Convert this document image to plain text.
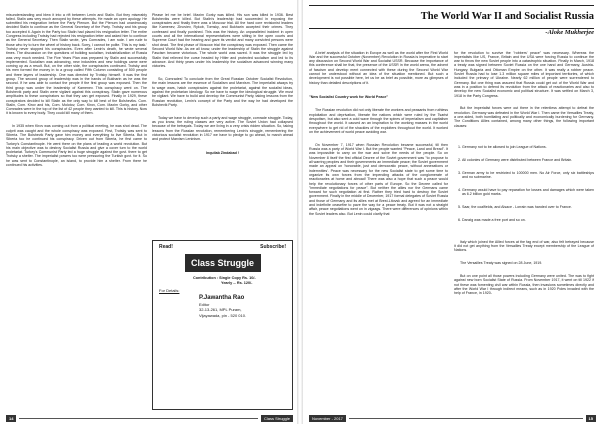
misunderstanding and blew it into a rift between Lenin and Stalin. But they miserably failed. Stalin was very much annoyed by these attempts. He made an open apology. He submitted his resignation before the Party Plenum. But the Plenum had unanimously decided Stalin to continue as the General Secretary of the Party. Trotsky and his group too accepted it. Again in the Party too Stalin had placed his resignation letter. The entire Congress including Trotsky had rejected his resignation letter and asked him to continue as the General Secretary. Then Stalin wrote, 'yes Comrades, I am rude. I am rude to those who try to turn the wheel of history back. Sorry, I cannot be polite. This is my task.' Trotsky never stopped his conspiracies. Even after Lenin's death, he wrote several times. The discussion on the questions of building socialism, industrialization of Russia was very much needed. The Five Years Plan was prepared by Stalin and successfully implemented. Socialism was advancing, new industries and new holdings came were coming up as a result. But, on the other side, the conspiracies continued. Trotsky and his men formed the money in to a group called Fifth Column consisting of 500 people and three layers of leadership. One was directed by Trotsky himself. It was the first group. The second group of leadership was in the hands of Bukharin as he was the second. If he was able to contact the people if the first group was exposed. Then the third group was under the leadership of Kamenev. This conspiracy went on. The Bolshevik party and Stalin were vigilant against this conspiracy. Stalin gave numerous amplitudes to these conspirators so that they can get exposed. Finally in 1929, these conspirators decided to kill Stalin as the only way to kill best of the Bolsheviks. Com. Stalin, Com. Kirov and his, Com. Molotov, Com. Kirov, Com. Maxim Gorky, and other Comrades were in the top of the list of 42 people they wanted to kill. This is history. Now it is known to every body. They could kill many of them.

In 1935 when Kirov was coming out from a political meeting, he was shot dead. The culprit was caught and the whole conspiracy was exposed. First, Trotsky was sent to Siberia. The Bolshevik Party gave him money and everything to live Siberia. But in Siberia too he continued his conspiracy. Driven out from Siberia, he first came to Turkey's Constantinople. He went there on the plans of leading a world revolution. But his main objective was to destroy Socialist Russia and give a cover turn to the world proletariat. Turkey's Communist Party led a huge struggle against the govt. there to get Trotsky a shelter. The imperialist powers too were pressuring the Turkish govt. for it. So he was sent to Constantinople, an island, to provide him a shelter. From there he continued his activities.

Please let me be brief. Maxim Gorky was killed. His son was killed in 1936. Best Bolsheviks were killed. But Stalin's leadership had succeeded in exposing the conspiracies and finally there was a Moscow trial. All the hard core revisionist leaders like Kamenev, Zinoviev, Rykob, Tomsky, and Bukharin accepted their crimes. They confessed and finally punished. This was the history. An unparalleled incident in open courts and all the international representatives were sitting in the open courts and Supreme Court had the hearing and gave its verdict and many convicted persons were shot dead. The first phase of Moscow trial the conspiracy was exposed. Then came the Second World War. As we all know, under the leadership of Stalin the struggle against Fascism became victorious. The whole world was saved. It was the struggle led by Stalin that relieved the curse headed by Hitler and protected socialism and led to its advance. And thirty years under his leadership the socialism advanced winning many victories.

So, Comrades! To conclude from the Great Russian October Socialist Revolution, the main lessons are the essence of Socialism and Marxism. The imperialist always try to wage wars, hatch conspiracies against the proletariat, against the socialist ideas, against the proletarian ideology. So we have to wage the ideological struggle. We must be vigilant. We have to build and develop the Communist Party, taking lessons from the Russian revolution, Lenin's concept of the Party and the way he had developed the Bolshevik Party.

Today we have to develop such a party and wage struggle, comrade struggle. Today, as you know, the ruling classes are very active. The Soviet Union had collapsed because of the betrayals. Today we are living in a very crisis ridden situation. So, taking lessons from the Russian revolution, remembering Lenin's struggle, remembering the victorious socialist revolution in 1917 we have to pledge to go ahead, to march ahead and protect Marxism Leninism.

Inquilab Zindabad !

Read!	Subscribe!
Class Struggle
Contribution : Single Copy Rs. 10/-
Yearly -- Rs. 120/-
For Details:
P.Jawantha Rao
Editor
32-13-261, MPL Puram,
Vijayawada, pin - 520 010.
14	Class Struggle
The World War II and Socialist Russia
-Aloke Mukherjee

A brief analysis of the situation in Europe as well as the world after the First World War and the successful October (November) Revolution in Russia is imperative to start any discussion on Second World War and Socialist USSR. Because the importance of this conference shall be that, the presence of the USSR in the world arena, the advent of fascism and develop ment connected with these during the Second World War cannot be understood without an idea of the situation mentioned. But such a development is not possible here, let us be as brief as possible, more as glimpses of history than detailed descriptions of it.

"New Socialist Country work for World Peace"

The Russian revolution did not only liberate the workers and peasants from ruthless exploitation and deprivation, liberate the nations which were ruled by the Tsarist despotism, but also sent a cold wave through the spines of imperialism and capitalism throughout the world. It caused an an inspiration to the working masses in the world everywhere to get rid of the shackles of the exploiters throughout the world. It worked on the achievement of world peace avoiding war.

On November 7, 1917 when Russian Revolution became successful, till then Russia was a party of World War I. But the people wanted "Peace, Land and Bread". It was impossible to carry on the war and solve the needs of the people. So on November 8 itself the first official Decree of the Soviet government was "to propose to all warring peoples and their governments an immediate peace; the Soviet government made an appeal on 'honorable, just and democratic peace, without annexations or indemnities'. Peace was necessary for the new Socialist state to get some time to organize its own forces from the impending attacks of the conglomerate of reactionaries at home and abroad! There was also a hope that such a peace would help the revolutionary forces of other parts of Europe. So the Decree called for "immediate negotiations for peace". But neither the allies nor the Germans came forward for such negotiation at first. Rather they tried hard to destroy the Soviet government. Finally in the middle of December, 1917 formal delegates of Soviet Russia and those of Germany and its allies met at Brest-Litovsk and agreed for an immediate and indefinite ceasefire to pave the way for a peace treaty. But it was not a straight affair, peace negotiations went on in zigzags. There were differences of opinions within the Soviet leaders also. But Lenin could clarify that

for the revolution to survive the "robbers' peace" was necessary. Whereas the imperialists like US, France, Britain and the USA were forcing Russia to continue the war to throw the new Soviet people into a catastrophic situation. Finally in March, 1918 a treaty was signed between Soviet Russia on the one hand and Germany, Austria-Hungary, Bulgaria and Ottoman Empire on the other. It was really a robber peace. Soviet Russia had to lose 1.3 million square miles of important territories, of which included the primary of Ukraine. Nearly 62 million of people were surrendered to Germany. But one thing was assured that Russia could get out of the World War and was in a position to defend its revolution from the attack of reactionaries and also to develop the new Socialist economic and political structure. It was settled on March 3, 1918 in the Party Congress.

But the imperialist forces were out there in the relentless attempt to defeat the revolution. Germany was defeated in the World War I. Then came the Versailles Treaty, a one-sided, both humiliating and politically and economically burdening for Germany. The Conditions Allies contained, among many other things, the following important clauses:

1. Germany not to be allowed to join League of Nations.

2. All colonies of Germany were distributed between France and Britain.

3. German army to be restricted to 100000 men. No Air Force, only six battleships and no submarine.

4. Germany would have to pay reparation for losses and damages which were taken as 6.2 billion gold marks.

5. Saar, the coalfields, and Alsace - Lorrain was handed over to France.

6. Danzig was made a free port and so on.

Italy which joined the Allied forces at the fag end of war, also felt betrayed because it did not get anything from the Versailles Treaty except membership of the League of Nations.

The Versailles Treaty was signed on 28 June, 1919.

But on one point all those powers including Germany were united. The was to fight against new born Socialist State of Russia. From November 1917, it went on till 1922 if not these was fomenting civil war within Russia, then invasions sometimes directly and after the World War I through indirect means, such as in 1920 Poles invaded with the help of France, in 1920-

November - 2017	15
